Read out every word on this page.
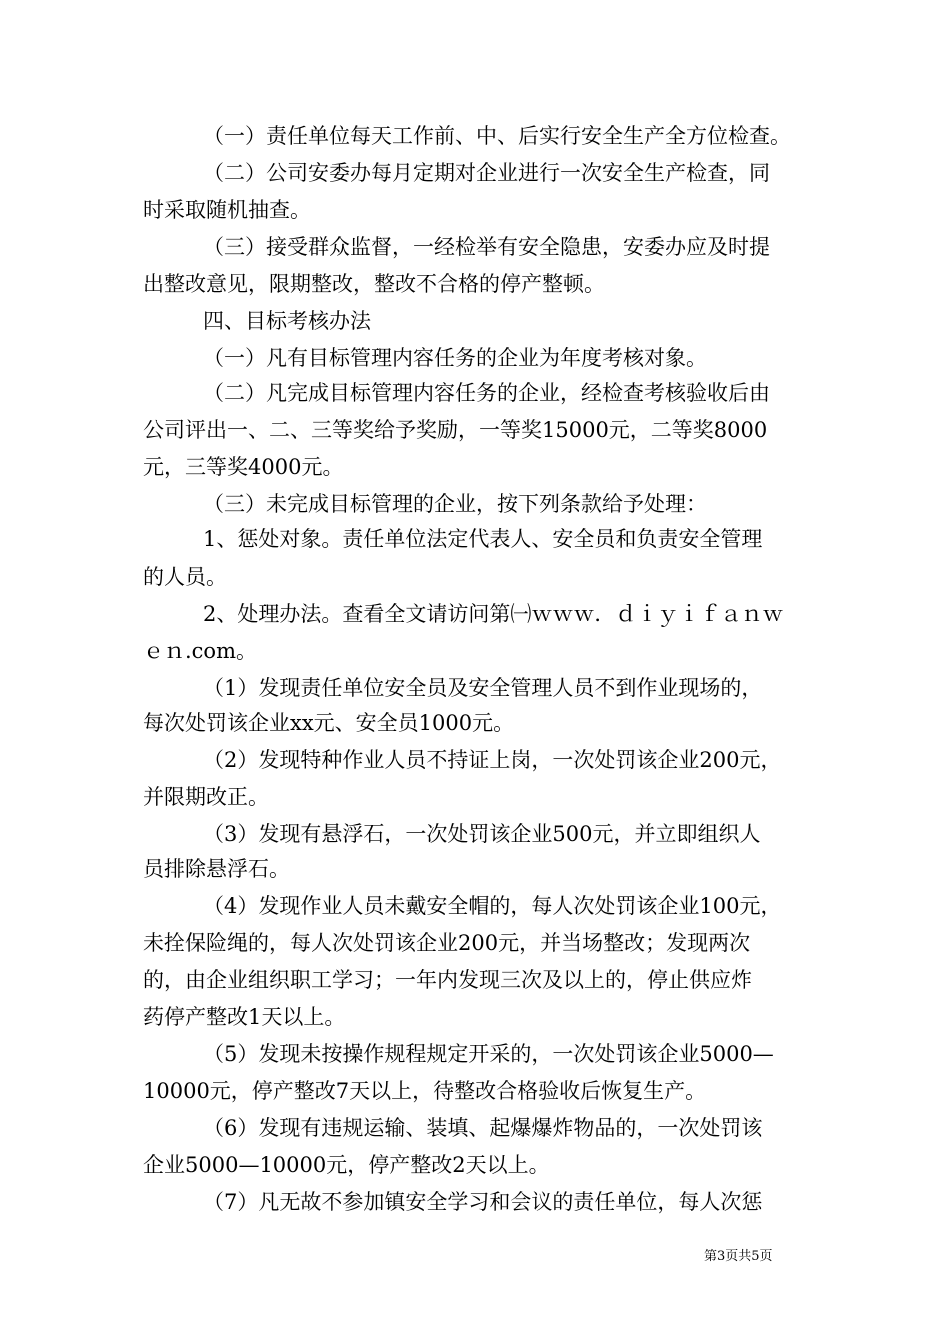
（一）责任单位每天工作前、中、后实行安全生产全方位检查。
（二）公司安委办每月定期对企业进行一次安全生产检查，同
时采取随机抽查。
（三）接受群众监督，一经检举有安全隐患，安委办应及时提
出整改意见，限期整改，整改不合格的停产整顿。
四、目标考核办法
（一）凡有目标管理内容任务的企业为年度考核对象。
（二）凡完成目标管理内容任务的企业，经检查考核验收后由
公司评出一、二、三等奖给予奖励，一等奖15000元，二等奖8000
元，三等奖4000元。
（三）未完成目标管理的企业，按下列条款给予处理：
1、惩处对象。责任单位法定代表人、安全员和负责安全管理
的人员。
2、处理办法。查看全文请访问第㈠ｗｗｗ．ｄｉｙｉｆａｎｗ
ｅｎ.com。
（1）发现责任单位安全员及安全管理人员不到作业现场的，
每次处罚该企业xx元、安全员1000元。
（2）发现特种作业人员不持证上岗，一次处罚该企业200元，
并限期改正。
（3）发现有悬浮石，一次处罚该企业500元，并立即组织人
员排除悬浮石。
（4）发现作业人员未戴安全帽的，每人次处罚该企业100元，
未拴保险绳的，每人次处罚该企业200元，并当场整改；发现两次
的，由企业组织职工学习；一年内发现三次及以上的，停止供应炸
药停产整改1天以上。
（5）发现未按操作规程规定开采的，一次处罚该企业5000—
10000元，停产整改7天以上，待整改合格验收后恢复生产。
（6）发现有违规运输、装填、起爆爆炸物品的，一次处罚该
企业5000—10000元，停产整改2天以上。
（7）凡无故不参加镇安全学习和会议的责任单位，每人次惩
第3页共5页
